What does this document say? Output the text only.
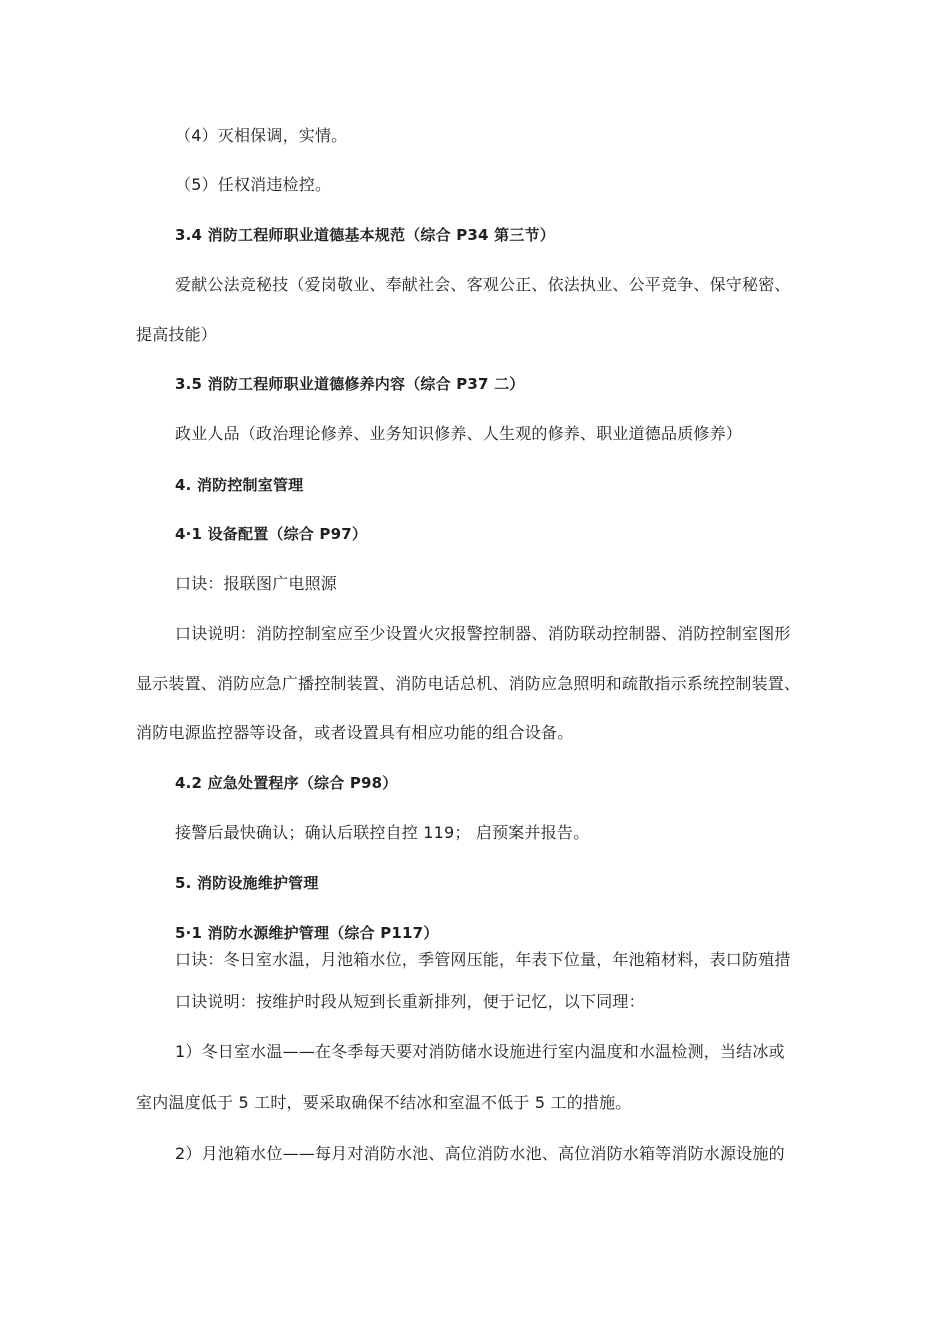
（4）灭相保调，实情。
（5）任权消违检控。
3.4 消防工程师职业道德基本规范（综合 P34 第三节）
爱献公法竞秘技（爱岗敬业、奉献社会、客观公正、依法执业、公平竞争、保守秘密、
提高技能）
3.5 消防工程师职业道德修养内容（综合 P37 二）
政业人品（政治理论修养、业务知识修养、人生观的修养、职业道德品质修养）
4. 消防控制室管理
4·1 设备配置（综合 P97）
口诀：报联图广电照源
口诀说明：消防控制室应至少设置火灾报警控制器、消防联动控制器、消防控制室图形
显示装置、消防应急广播控制装置、消防电话总机、消防应急照明和疏散指示系统控制装置、
消防电源监控器等设备，或者设置具有相应功能的组合设备。
4.2 应急处置程序（综合 P98）
接警后最快确认；确认后联控自控 119； 启预案并报告。
5. 消防设施维护管理
5·1 消防水源维护管理（综合 P117）
口诀：冬日室水温，月池箱水位，季管网压能，年表下位量，年池箱材料，表口防殖措
口诀说明：按维护时段从短到长重新排列，便于记忆，以下同理：
1）冬日室水温——在冬季每天要对消防储水设施进行室内温度和水温检测，当结冰或
室内温度低于 5 工时，要采取确保不结冰和室温不低于 5 工的措施。
2）月池箱水位——每月对消防水池、高位消防水池、高位消防水箱等消防水源设施的
